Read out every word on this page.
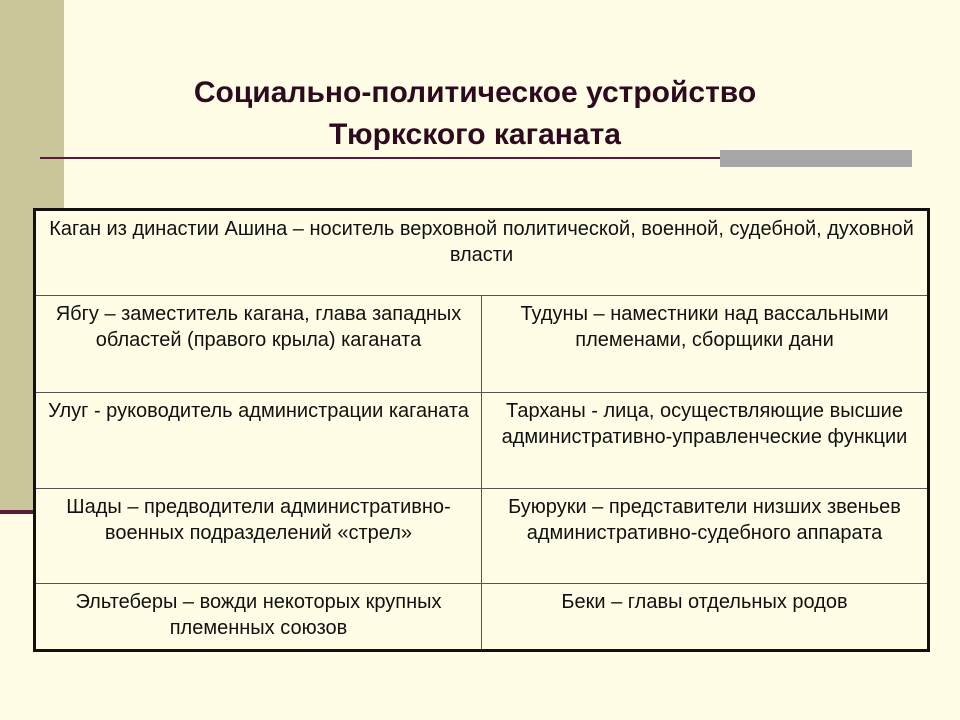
Социально-политическое устройство
Тюркского каганата
Каган из династии Ашина – носитель верховной политической, военной, судебной, духовной власти	
Ябгу – заместитель кагана, глава западных областей (правого крыла) каганата	Тудуны – наместники над вассальными племенами, сборщики дани
Улуг - руководитель администрации каганата	Тарханы - лица, осуществляющие высшие административно-управленческие функции
Шады – предводители административно-военных подразделений «стрел»	Буюруки – представители низших звеньев административно-судебного аппарата
Эльтеберы – вожди некоторых крупных племенных союзов	Беки – главы отдельных родов
